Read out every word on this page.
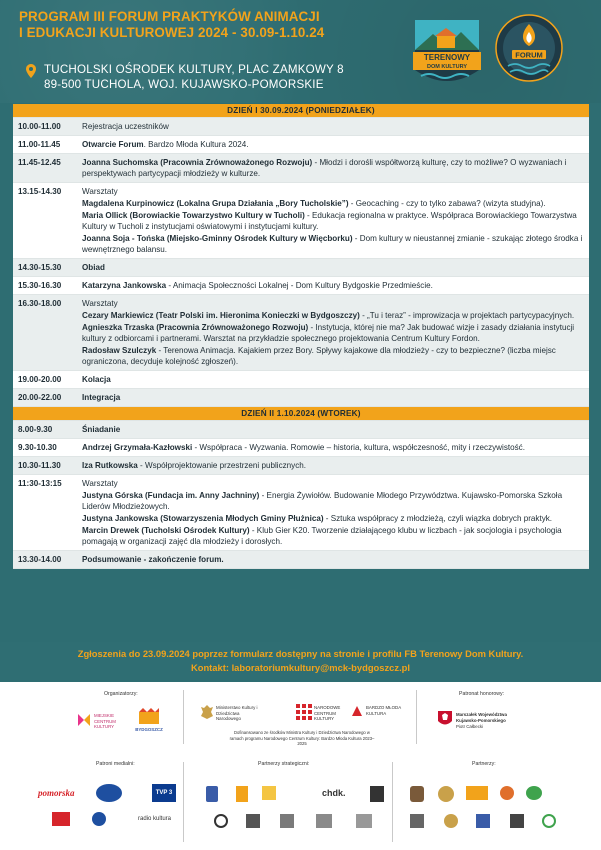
PROGRAM III FORUM PRAKTYKÓW ANIMACJI
I EDUKACJI KULTUROWEJ 2024 - 30.09-1.10.24
TUCHOLSKI OŚRODEK KULTURY, PLAC ZAMKOWY 8
89-500 TUCHOLA, WOJ. KUJAWSKO-POMORSKIE
TERENOWY
DOM KULTURY
FORUM
DZIEŃ I 30.09.2024 (PONIEDZIAŁEK)
10.00-11.00	Rejestracja uczestników
11.00-11.45	Otwarcie Forum. Bardzo Młoda Kultura 2024.
11.45-12.45	Joanna Suchomska (Pracownia Zrównoważonego Rozwoju) - Młodzi i dorośli współtworzą kulturę, czy to możliwe? O wyzwaniach i perspektywach partycypacji młodzieży w kulturze.
13.15-14.30	Warsztaty
Magdalena Kurpinowicz (Lokalna Grupa Działania „Bory Tucholskie”) - Geocaching - czy to tylko zabawa? (wizyta studyjna).
Maria Ollick (Borowiackie Towarzystwo Kultury w Tucholi) - Edukacja regionalna w praktyce. Współpraca Borowiackiego Towarzystwa Kultury w Tucholi z instytucjami oświatowymi i instytucjami kultury.
Joanna Soja - Tońska (Miejsko-Gminny Ośrodek Kultury w Więcborku) - Dom kultury w nieustannej zmianie - szukając złotego środka i wewnętrznego balansu.
14.30-15.30	Obiad
15.30-16.30	Katarzyna Jankowska - Animacja Społeczności Lokalnej - Dom Kultury Bydgoskie Przedmieście.
16.30-18.00	Warsztaty
Cezary Markiewicz (Teatr Polski im. Hieronima Konieczki w Bydgoszczy) - „Tu i teraz” - improwizacja w projektach partycypacyjnych.
Agnieszka Trzaska (Pracownia Zrównoważonego Rozwoju) - Instytucja, której nie ma? Jak budować wizje i zasady działania instytucji kultury z odbiorcami i partnerami. Warsztat na przykładzie społecznego projektowania Centrum Kultury Fordon.
Radosław Szulczyk - Terenowa Animacja. Kajakiem przez Bory. Spływy kajakowe dla młodzieży - czy to bezpieczne? (liczba miejsc ograniczona, decyduje kolejność zgłoszeń).
19.00-20.00	Kolacja
20.00-22.00	Integracja
DZIEŃ II 1.10.2024 (WTOREK)
8.00-9.30	Śniadanie
9.30-10.30	Andrzej Grzymała-Kazłowski - Współpraca - Wyzwania. Romowie – historia, kultura, współczesność, mity i rzeczywistość.
10.30-11.30	Iza Rutkowska - Współprojektowanie przestrzeni publicznych.
11:30-13:15	Warsztaty
Justyna Górska (Fundacja im. Anny Jachniny) - Energia Żywiołów. Budowanie Młodego Przywództwa. Kujawsko-Pomorska Szkoła Liderów Młodzieżowych.
Justyna Jankowska (Stowarzyszenia Młodych Gminy Płużnica) - Sztuka współpracy z młodzieżą, czyli wiązka dobrych praktyk.
Marcin Drewek (Tucholski Ośrodek Kultury) - Klub Gier K20. Tworzenie działającego klubu w liczbach - jak socjologia i psychologia pomagają w organizacji zajęć dla młodzieży i dorosłych.
13.30-14.00	Podsumowanie - zakończenie forum.
Zgłoszenia do 23.09.2024 poprzez formularz dostępny na stronie i profilu FB Terenowy Dom Kultury.
Kontakt: laboratoriumkultury@mck-bydgoszcz.pl
Organizatorzy:	Patronat honorowy:
MIEJSKIE CENTRUM KULTURY
BYDGOSZCZ
Ministerstwo Kultury i Dziedzictwa Narodowego
NARODOWE CENTRUM KULTURY
BARDZO MŁODA KULTURA
Dofinansowano ze środków Ministra Kultury i Dziedzictwa Narodowego w ramach programu Narodowego Centrum Kultury: Bardzo Młoda Kultura 2023–2025
Marszałek Województwa Kujawsko-Pomorskiego
Piotr Całbecki
Patroni medialni:	Partnerzy strategiczni:	Partnerzy:
pomorska	TVP 3
radio kultura
chdk.
